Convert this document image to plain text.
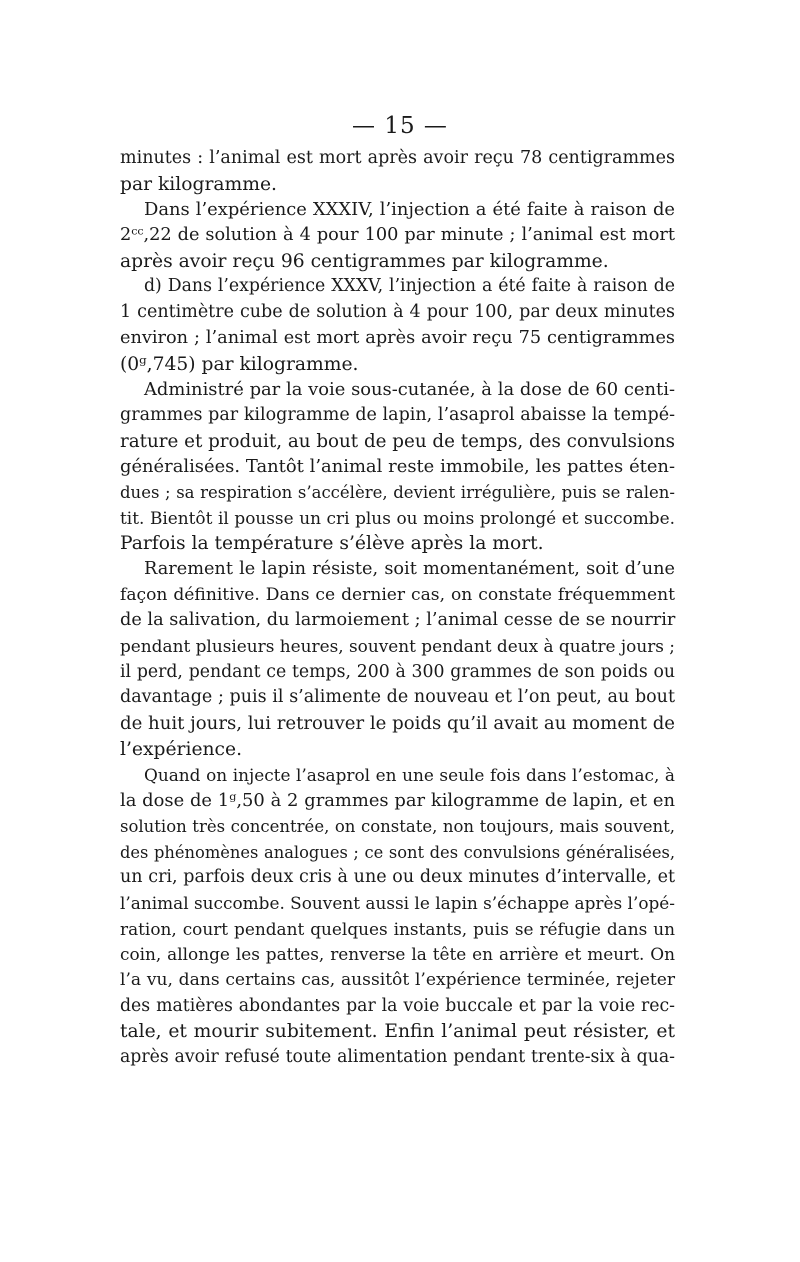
— 15 —
minutes : l’animal est mort après avoir reçu 78 centigrammes
par kilogramme.
Dans l’expérience XXXIV, l’injection a été faite à raison de
2ᶜᶜ,22 de solution à 4 pour 100 par minute ; l’animal est mort
après avoir reçu 96 centigrammes par kilogramme.
d) Dans l’expérience XXXV, l’injection a été faite à raison de
1 centimètre cube de solution à 4 pour 100, par deux minutes
environ ; l’animal est mort après avoir reçu 75 centigrammes
(0ᵍ,745) par kilogramme.
Administré par la voie sous-cutanée, à la dose de 60 centi-
grammes par kilogramme de lapin, l’asaprol abaisse la tempé-
rature et produit, au bout de peu de temps, des convulsions
généralisées. Tantôt l’animal reste immobile, les pattes éten-
dues ; sa respiration s’accélère, devient irrégulière, puis se ralen-
tit. Bientôt il pousse un cri plus ou moins prolongé et succombe.
Parfois la température s’élève après la mort.
Rarement le lapin résiste, soit momentanément, soit d’une
façon définitive. Dans ce dernier cas, on constate fréquemment
de la salivation, du larmoiement ; l’animal cesse de se nourrir
pendant plusieurs heures, souvent pendant deux à quatre jours ;
il perd, pendant ce temps, 200 à 300 grammes de son poids ou
davantage ; puis il s’alimente de nouveau et l’on peut, au bout
de huit jours, lui retrouver le poids qu’il avait au moment de
l’expérience.
Quand on injecte l’asaprol en une seule fois dans l’estomac, à
la dose de 1ᵍ,50 à 2 grammes par kilogramme de lapin, et en
solution très concentrée, on constate, non toujours, mais souvent,
des phénomènes analogues ; ce sont des convulsions généralisées,
un cri, parfois deux cris à une ou deux minutes d’intervalle, et
l’animal succombe. Souvent aussi le lapin s’échappe après l’opé-
ration, court pendant quelques instants, puis se réfugie dans un
coin, allonge les pattes, renverse la tête en arrière et meurt. On
l’a vu, dans certains cas, aussitôt l’expérience terminée, rejeter
des matières abondantes par la voie buccale et par la voie rec-
tale, et mourir subitement. Enfin l’animal peut résister, et
après avoir refusé toute alimentation pendant trente-six à qua-
